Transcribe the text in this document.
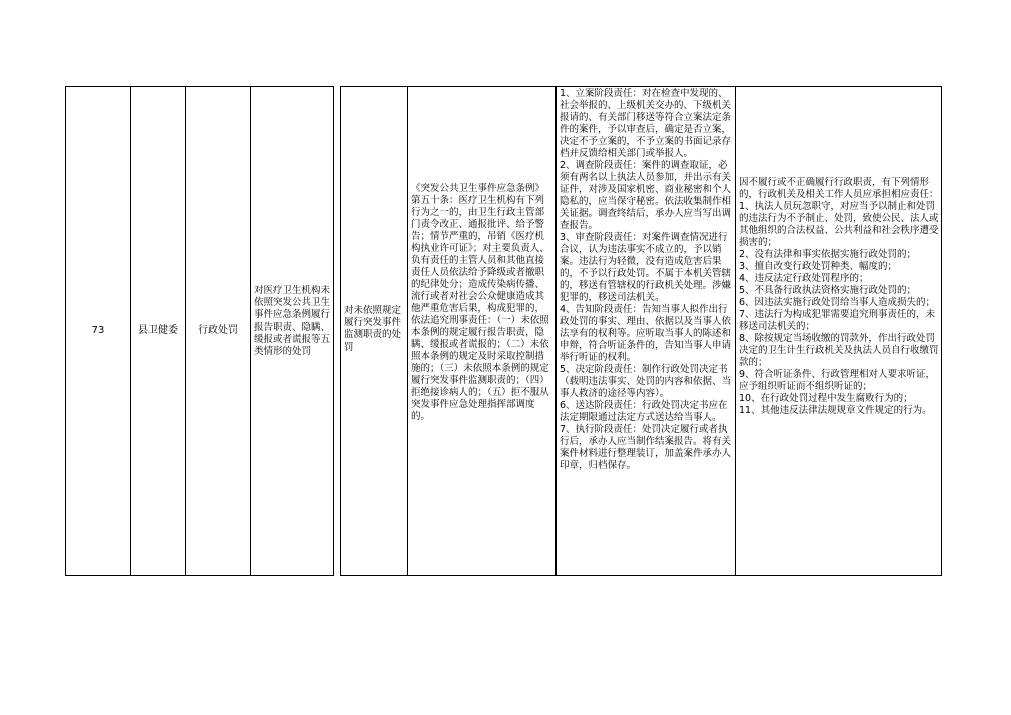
73	县卫健委	行政处罚
对医疗卫生机构未依照突发公共卫生事件应急条例履行报告职责、隐瞒、缓报或者谎报等五类情形的处罚
对未依照规定履行突发事件监测职责的处罚
《突发公共卫生事件应急条例》第五十条：医疗卫生机构有下列行为之一的，由卫生行政主管部门责令改正、通报批评、给予警告；情节严重的，吊销《医疗机构执业许可证》；对主要负责人、负有责任的主管人员和其他直接责任人员依法给予降级或者撤职的纪律处分；造成传染病传播、流行或者对社会公众健康造成其他严重危害后果，构成犯罪的，依法追究刑事责任：（一）未依照本条例的规定履行报告职责，隐瞒、缓报或者谎报的；（二）未依照本条例的规定及时采取控制措施的；（三）未依照本条例的规定履行突发事件监测职责的；（四）拒绝接诊病人的；（五）拒不服从突发事件应急处理指挥部调度的。
1、立案阶段责任：对在检查中发现的、社会举报的、上级机关交办的、下级机关报请的、有关部门移送等符合立案法定条件的案件，予以审查后，确定是否立案，决定不予立案的，不予立案的书面记录存档并反馈给相关部门或举报人。
2、调查阶段责任：案件的调查取证，必须有两名以上执法人员参加，并出示有关证件，对涉及国家机密、商业秘密和个人隐私的，应当保守秘密。依法收集制作相关证据。调查终结后，承办人应当写出调查报告。
3、审查阶段责任：对案件调查情况进行合议，认为违法事实不成立的，予以销案。违法行为轻微，没有造成危害后果的，不予以行政处罚。不属于本机关管辖的，移送有管辖权的行政机关处理。涉嫌犯罪的，移送司法机关。
4、告知阶段责任：告知当事人拟作出行政处罚的事实、理由、依据以及当事人依法享有的权利等。应听取当事人的陈述和申辩，符合听证条件的，告知当事人申请举行听证的权利。
5、决定阶段责任：制作行政处罚决定书（载明违法事实、处罚的内容和依据、当事人救济的途径等内容）。
6、送达阶段责任：行政处罚决定书应在法定期限通过法定方式送达给当事人。
7、执行阶段责任：处罚决定履行或者执行后，承办人应当制作结案报告。将有关案件材料进行整理装订，加盖案件承办人印章，归档保存。
因不履行或不正确履行行政职责，有下列情形的，行政机关及相关工作人员应承担相应责任：
1、执法人员玩忽职守，对应当予以制止和处罚的违法行为不予制止、处罚，致使公民、法人或其他组织的合法权益、公共利益和社会秩序遭受损害的；
2、没有法律和事实依据实施行政处罚的；
3、擅自改变行政处罚种类、幅度的；
4、违反法定行政处罚程序的；
5、不具备行政执法资格实施行政处罚的；
6、因违法实施行政处罚给当事人造成损失的；
7、违法行为构成犯罪需要追究刑事责任的，未移送司法机关的；
8、除按规定当场收缴的罚款外，作出行政处罚决定的卫生计生行政机关及执法人员自行收缴罚款的；
9、符合听证条件、行政管理相对人要求听证，应予组织听证而不组织听证的；
10、在行政处罚过程中发生腐败行为的；
11、其他违反法律法规规章文件规定的行为。
